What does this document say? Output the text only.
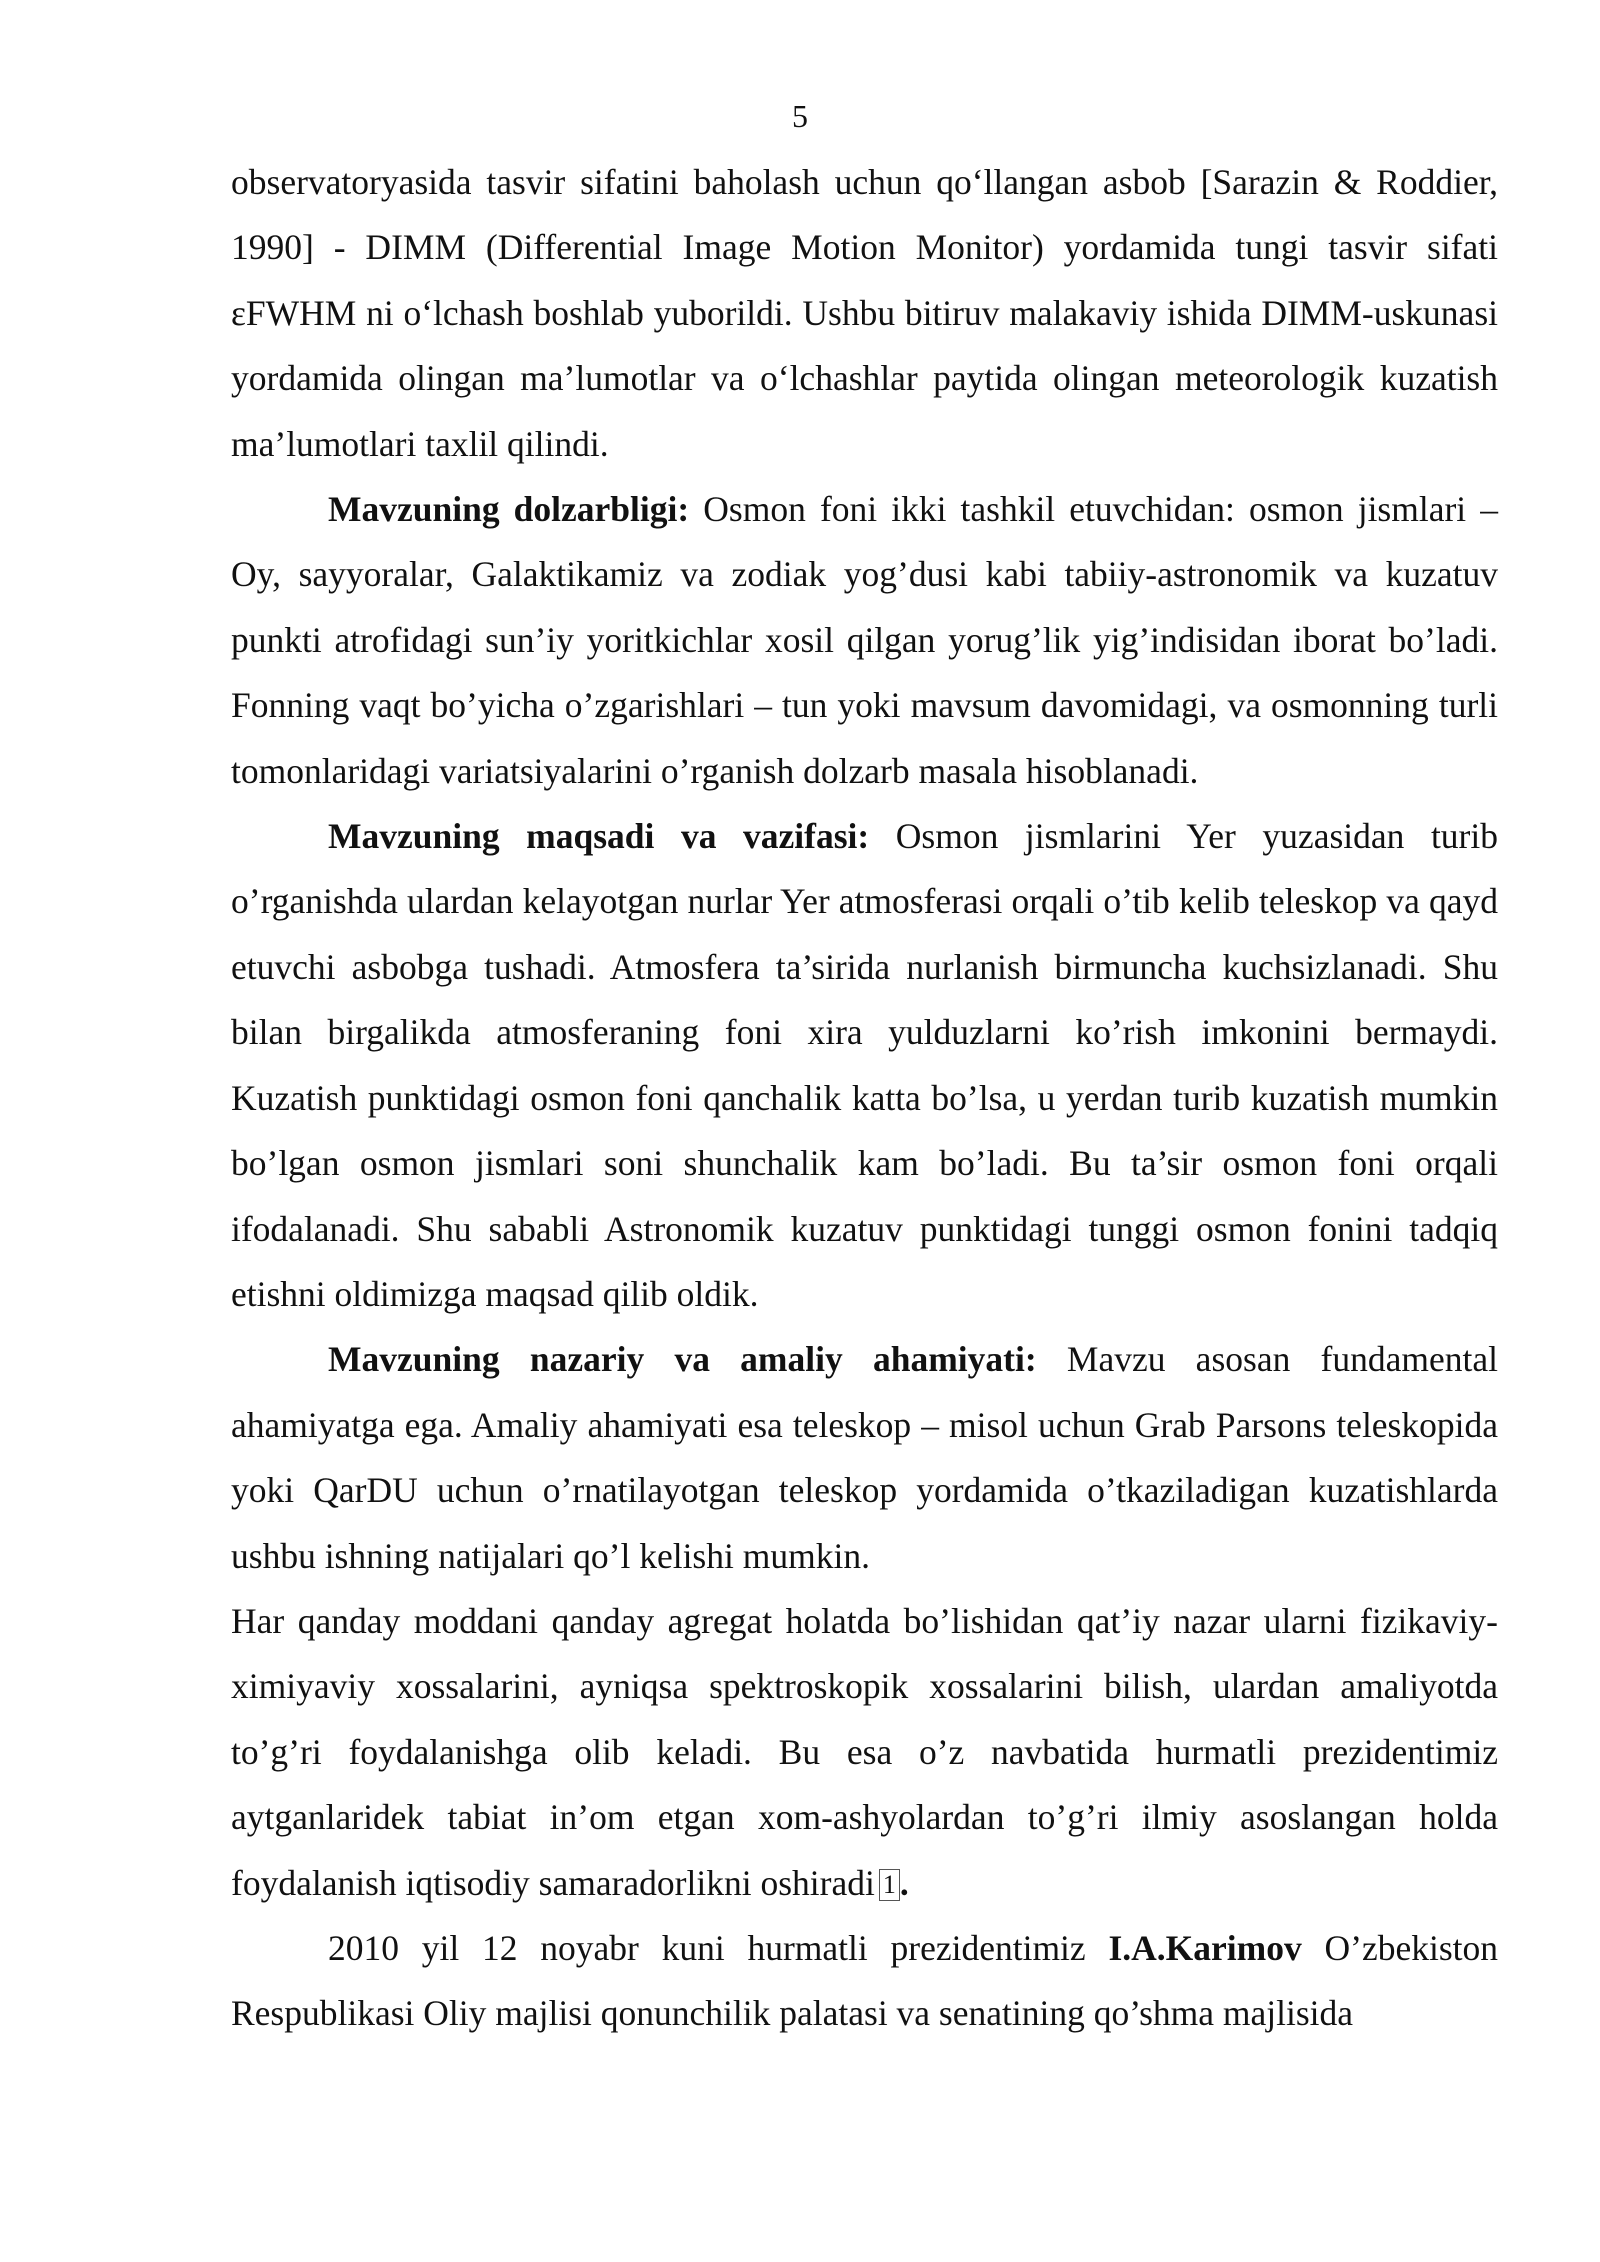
5

observatoryasida tasvir sifatini baholash uchun qo‘llangan asbob [Sarazin & Roddier, 1990] - DIMM (Differential Image Motion Monitor) yordamida tungi tasvir sifati εFWHM ni o‘lchash boshlab yuborildi. Ushbu bitiruv malakaviy ishida DIMM-uskunasi yordamida olingan ma’lumotlar va o‘lchashlar paytida olingan meteorologik kuzatish ma’lumotlari taxlil qilindi.

Mavzuning dolzarbligi: Osmon foni ikki tashkil etuvchidan: osmon jismlari – Oy, sayyoralar, Galaktikamiz va zodiak yog’dusi kabi tabiiy-astronomik va kuzatuv punkti atrofidagi sun’iy yoritkichlar xosil qilgan yorug’lik yig’indisidan iborat bo’ladi. Fonning vaqt bo’yicha o’zgarishlari – tun yoki mavsum davomidagi, va osmonning turli tomonlaridagi variatsiyalarini o’rganish dolzarb masala hisoblanadi.

Mavzuning maqsadi va vazifasi: Osmon jismlarini Yer yuzasidan turib o’rganishda ulardan kelayotgan nurlar Yer atmosferasi orqali o’tib kelib teleskop va qayd etuvchi asbobga tushadi. Atmosfera ta’sirida nurlanish birmuncha kuchsizlanadi. Shu bilan birgalikda atmosferaning foni xira yulduzlarni ko’rish imkonini bermaydi. Kuzatish punktidagi osmon foni qanchalik katta bo’lsa, u yerdan turib kuzatish mumkin bo’lgan osmon jismlari soni shunchalik kam bo’ladi. Bu ta’sir osmon foni orqali ifodalanadi. Shu sababli Astronomik kuzatuv punktidagi tunggi osmon fonini tadqiq etishni oldimizga maqsad qilib oldik.

Mavzuning nazariy va amaliy ahamiyati: Mavzu asosan fundamental ahamiyatga ega. Amaliy ahamiyati esa teleskop – misol uchun Grab Parsons teleskopida yoki QarDU uchun o’rnatilayotgan teleskop yordamida o’tkaziladigan kuzatishlarda ushbu ishning natijalari qo’l kelishi mumkin.

Har qanday moddani qanday agregat holatda bo’lishidan qat’iy nazar ularni fizikaviy-ximiyaviy xossalarini, ayniqsa spektroskopik xossalarini bilish, ulardan amaliyotda to’g’ri foydalanishga olib keladi. Bu esa o’z navbatida hurmatli prezidentimiz aytganlaridek tabiat in’om etgan xom-ashyolardan to’g’ri ilmiy asoslangan holda foydalanish iqtisodiy samaradorlikni oshiradi 1 .

2010 yil 12 noyabr kuni hurmatli prezidentimiz I.A.Karimov O’zbekiston Respublikasi Oliy majlisi qonunchilik palatasi va senatining qo’shma majlisida
